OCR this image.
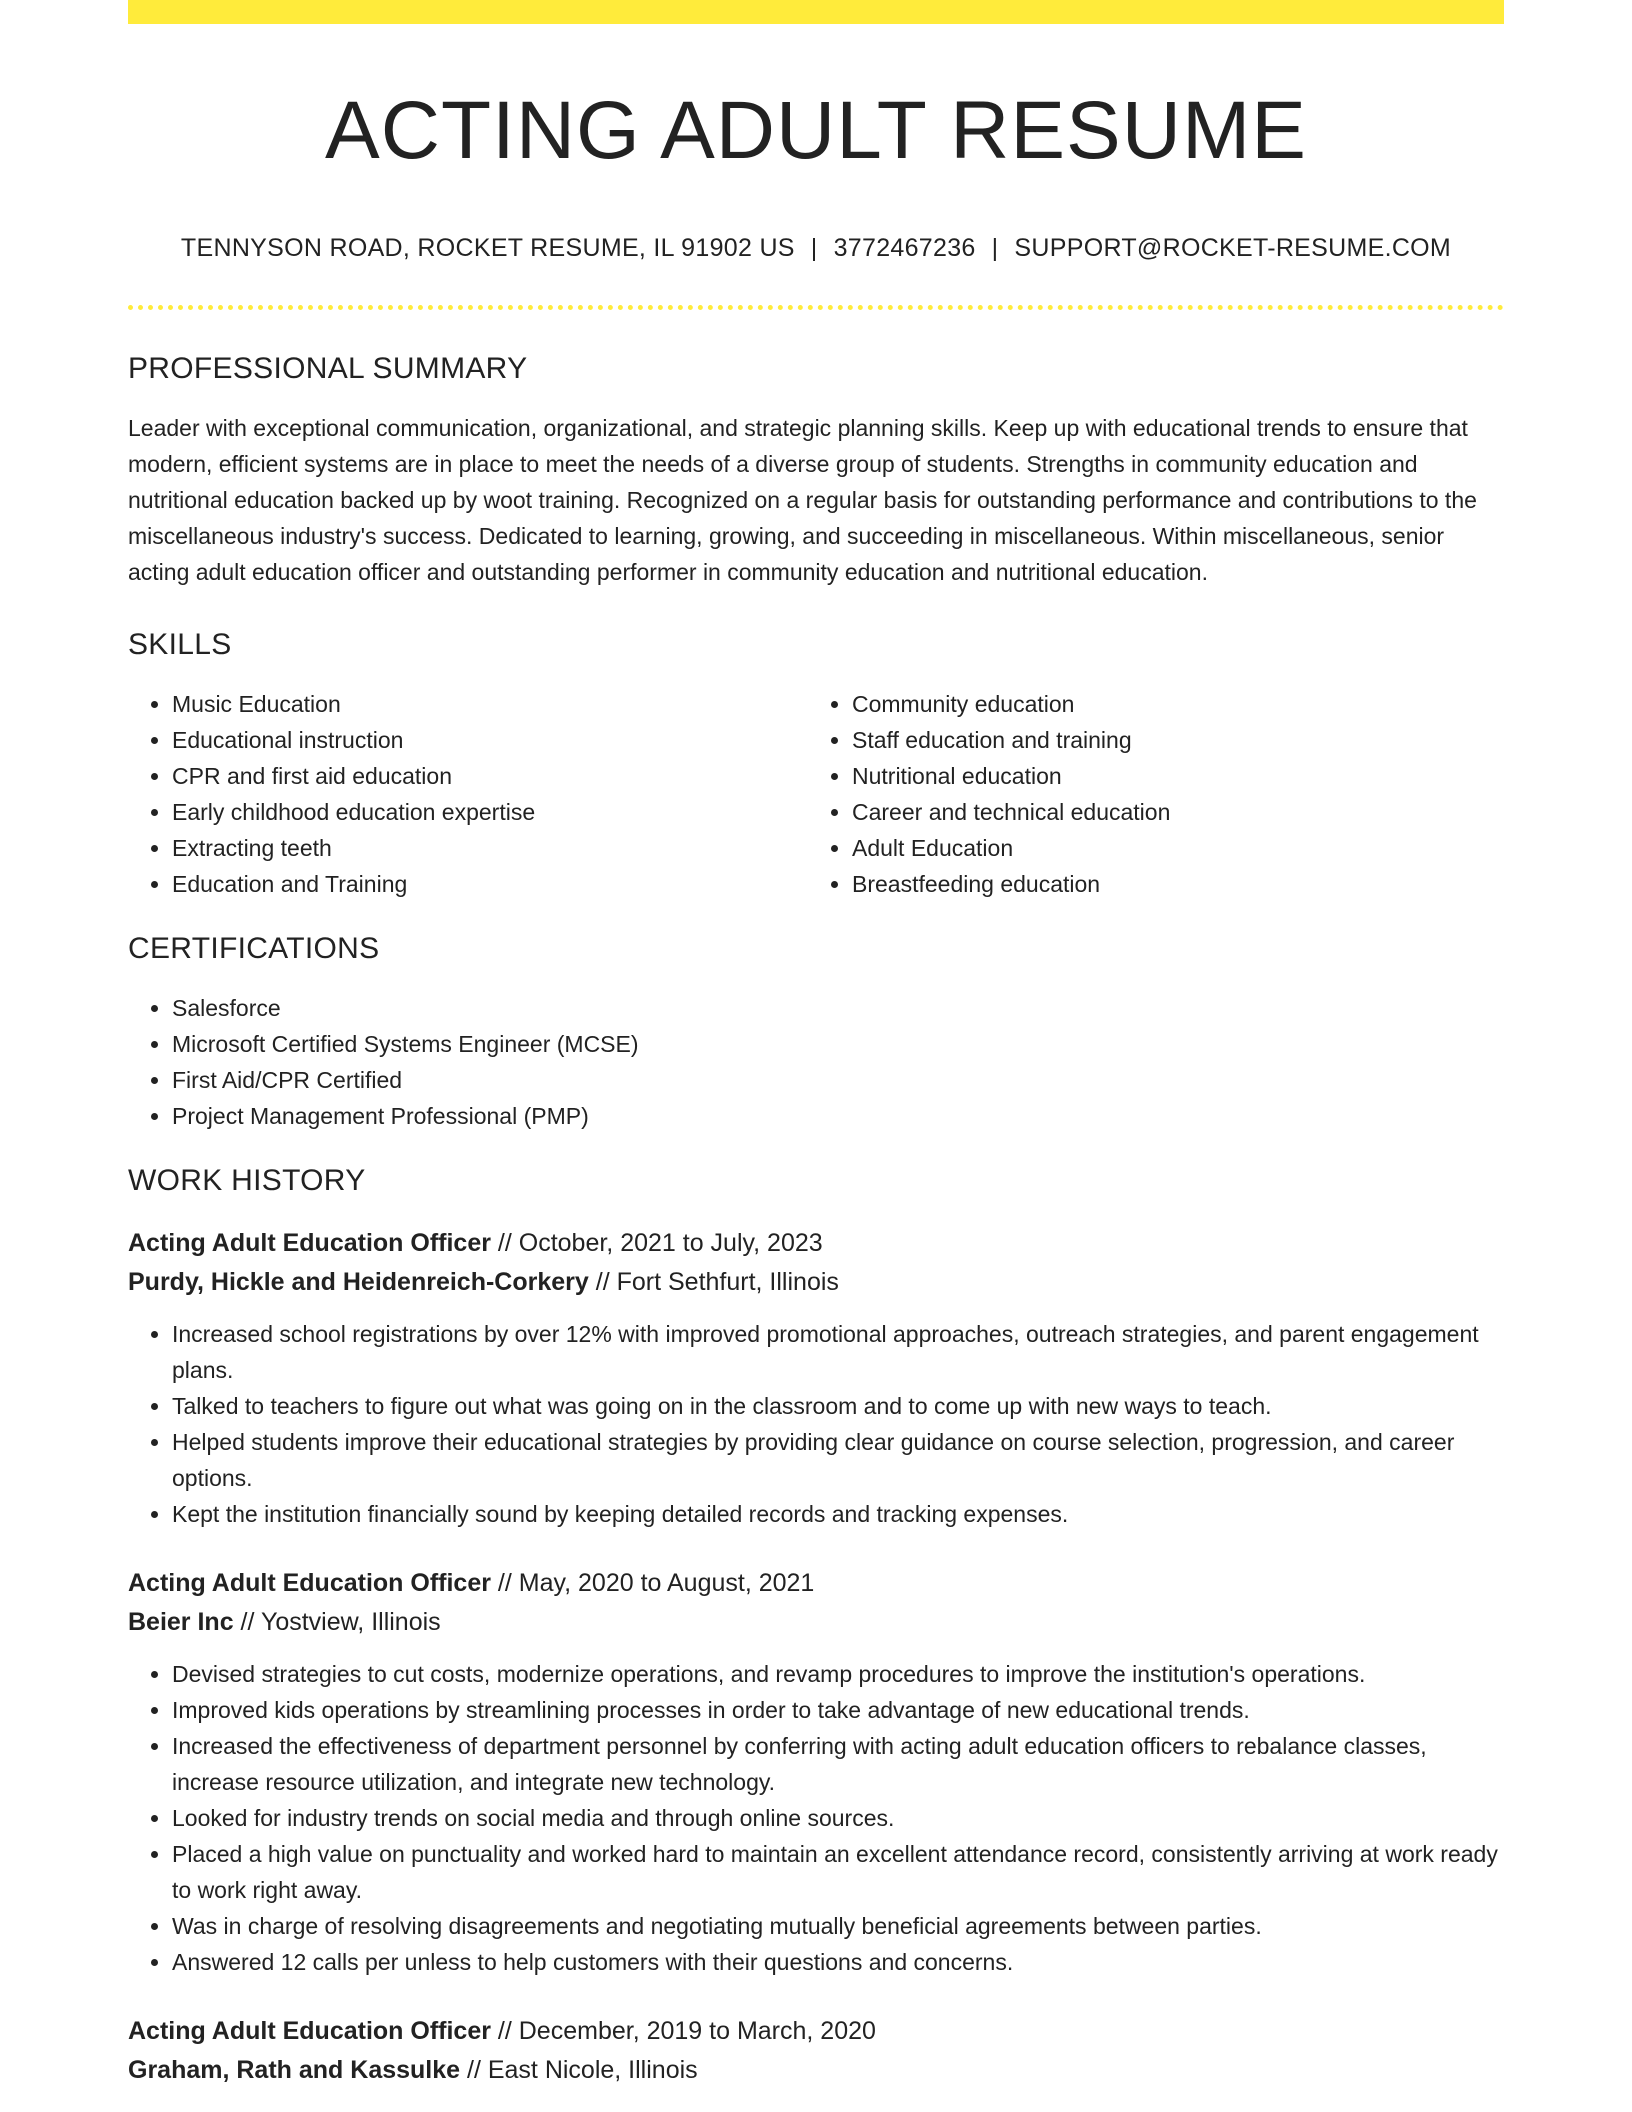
ACTING ADULT RESUME
TENNYSON ROAD, ROCKET RESUME, IL 91902 US | 3772467236 | SUPPORT@ROCKET-RESUME.COM
PROFESSIONAL SUMMARY

Leader with exceptional communication, organizational, and strategic planning skills. Keep up with educational trends to ensure that modern, efficient systems are in place to meet the needs of a diverse group of students. Strengths in community education and nutritional education backed up by woot training. Recognized on a regular basis for outstanding performance and contributions to the miscellaneous industry's success. Dedicated to learning, growing, and succeeding in miscellaneous. Within miscellaneous, senior acting adult education officer and outstanding performer in community education and nutritional education.

SKILLS
• Music Education
• Educational instruction
• CPR and first aid education
• Early childhood education expertise
• Extracting teeth
• Education and Training
• Community education
• Staff education and training
• Nutritional education
• Career and technical education
• Adult Education
• Breastfeeding education
CERTIFICATIONS
• Salesforce
• Microsoft Certified Systems Engineer (MCSE)
• First Aid/CPR Certified
• Project Management Professional (PMP)
WORK HISTORY
Acting Adult Education Officer // October, 2021 to July, 2023
Purdy, Hickle and Heidenreich-Corkery // Fort Sethfurt, Illinois
• Increased school registrations by over 12% with improved promotional approaches, outreach strategies, and parent engagement plans.
• Talked to teachers to figure out what was going on in the classroom and to come up with new ways to teach.
• Helped students improve their educational strategies by providing clear guidance on course selection, progression, and career options.
• Kept the institution financially sound by keeping detailed records and tracking expenses.
Acting Adult Education Officer // May, 2020 to August, 2021
Beier Inc // Yostview, Illinois
• Devised strategies to cut costs, modernize operations, and revamp procedures to improve the institution's operations.
• Improved kids operations by streamlining processes in order to take advantage of new educational trends.
• Increased the effectiveness of department personnel by conferring with acting adult education officers to rebalance classes, increase resource utilization, and integrate new technology.
• Looked for industry trends on social media and through online sources.
• Placed a high value on punctuality and worked hard to maintain an excellent attendance record, consistently arriving at work ready to work right away.
• Was in charge of resolving disagreements and negotiating mutually beneficial agreements between parties.
• Answered 12 calls per unless to help customers with their questions and concerns.
Acting Adult Education Officer // December, 2019 to March, 2020
Graham, Rath and Kassulke // East Nicole, Illinois
